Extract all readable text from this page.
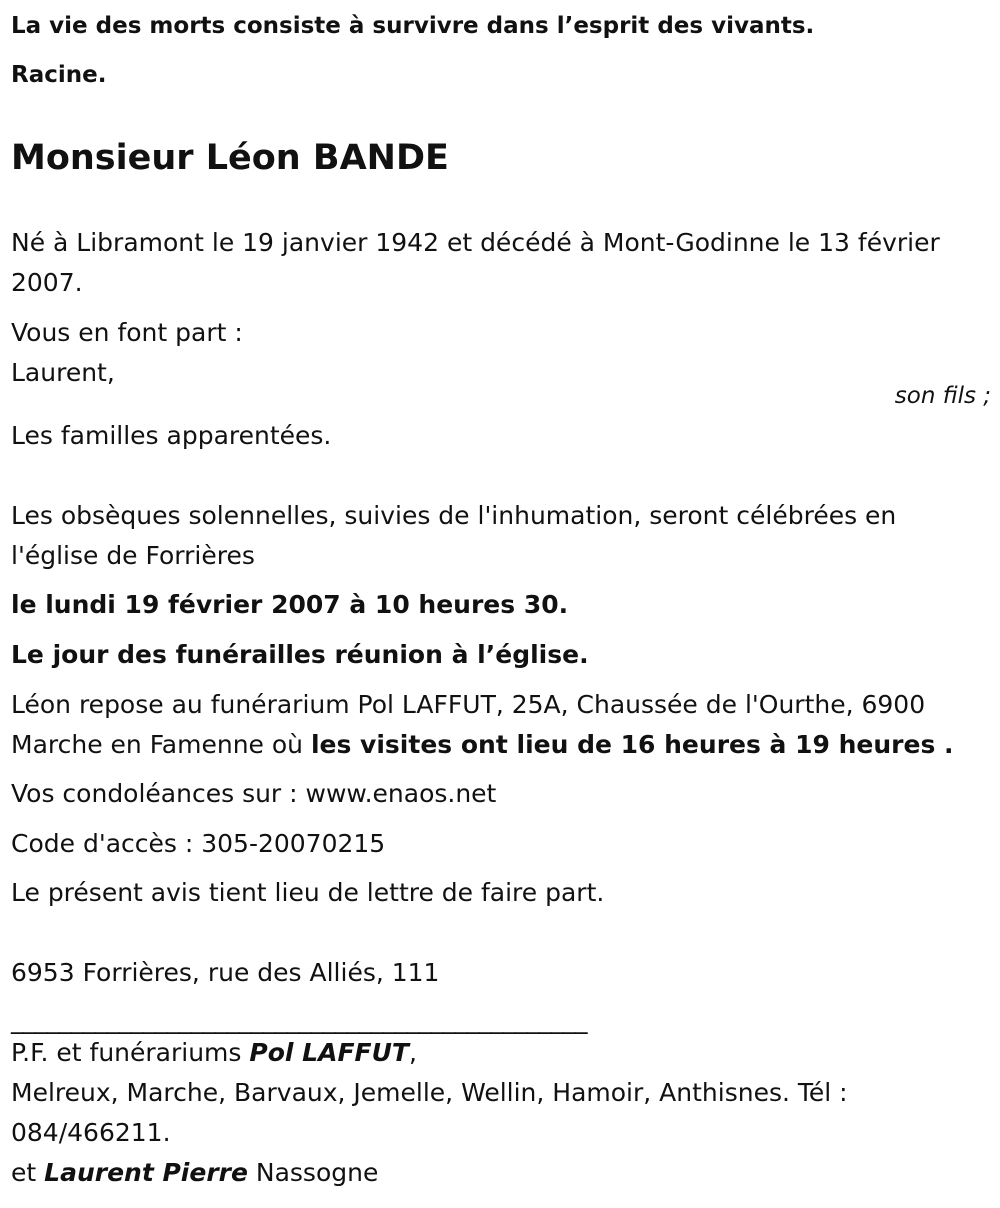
La vie des morts consiste à survivre dans l’esprit des vivants.
Racine.
Monsieur Léon BANDE
Né à Libramont le 19 janvier 1942 et décédé à Mont-Godinne le 13 février
2007.
Vous en font part :
Laurent,
son fils ;
Les familles apparentées.
Les obsèques solennelles, suivies de l'inhumation, seront célébrées en
l'église de Forrières
le lundi 19 février 2007 à 10 heures 30.
Le jour des funérailles réunion à l’église.
Léon repose au funérarium Pol LAFFUT, 25A, Chaussée de l'Ourthe, 6900
Marche en Famenne où les visites ont lieu de 16 heures à 19 heures .
Vos condoléances sur : www.enaos.net
Code d'accès : 305-20070215
Le présent avis tient lieu de lettre de faire part.
6953 Forrières, rue des Alliés, 111
________________________________________________
P.F. et funérariums Pol LAFFUT,
Melreux, Marche, Barvaux, Jemelle, Wellin, Hamoir, Anthisnes. Tél :
084/466211.
et Laurent Pierre Nassogne
